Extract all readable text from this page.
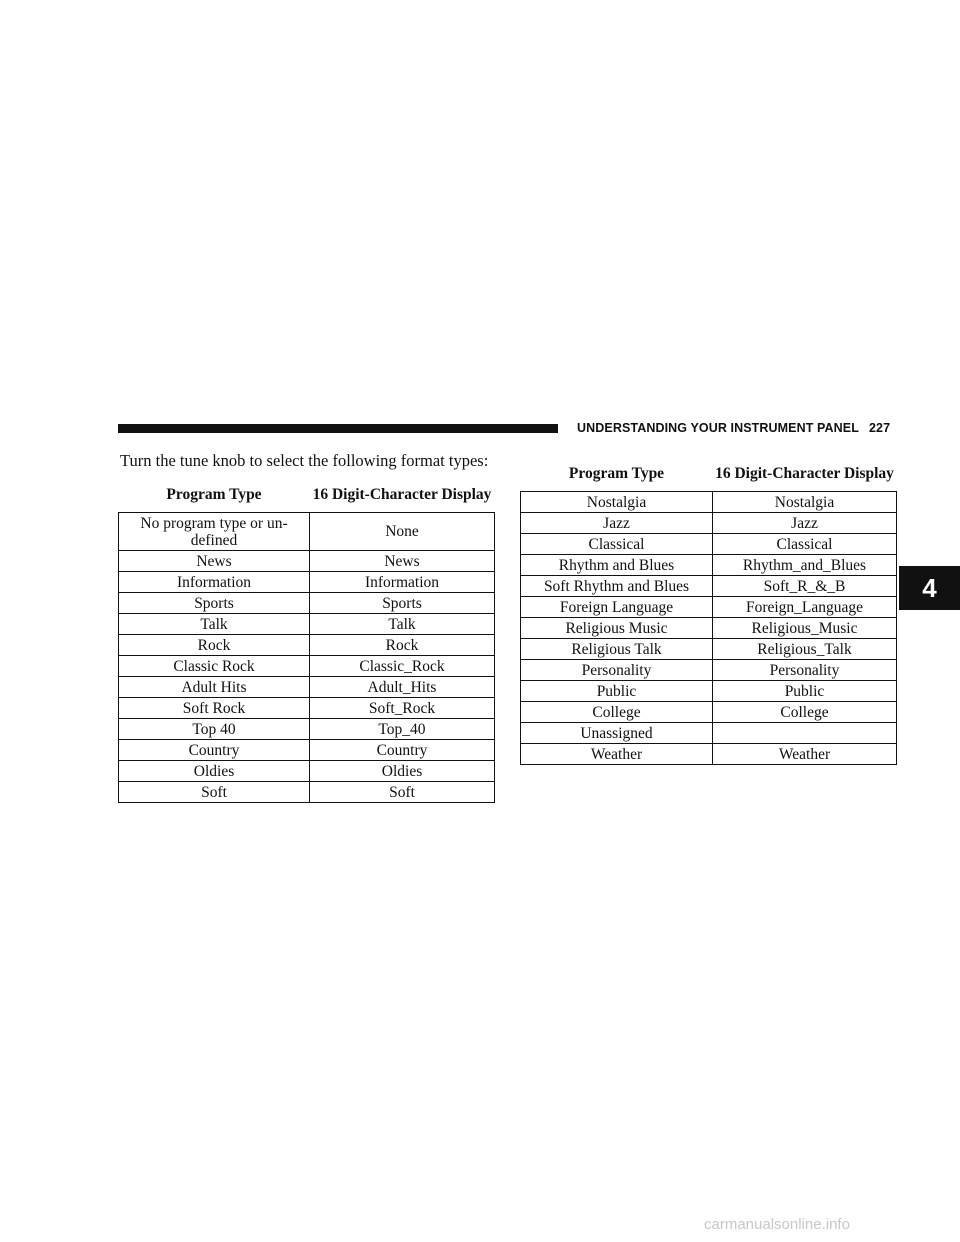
UNDERSTANDING YOUR INSTRUMENT PANEL 227
Turn the tune knob to select the following format types:
Program Type	16 Digit-Character Display
No program type or un-defined	None
News	News
Information	Information
Sports	Sports
Talk	Talk
Rock	Rock
Classic Rock	Classic_Rock
Adult Hits	Adult_Hits
Soft Rock	Soft_Rock
Top 40	Top_40
Country	Country
Oldies	Oldies
Soft	Soft
Program Type	16 Digit-Character Display
Nostalgia	Nostalgia
Jazz	Jazz
Classical	Classical
Rhythm and Blues	Rhythm_and_Blues
Soft Rhythm and Blues	Soft_R_&_B
Foreign Language	Foreign_Language
Religious Music	Religious_Music
Religious Talk	Religious_Talk
Personality	Personality
Public	Public
College	College
Unassigned	
Weather	Weather
4
carmanualsonline.info
